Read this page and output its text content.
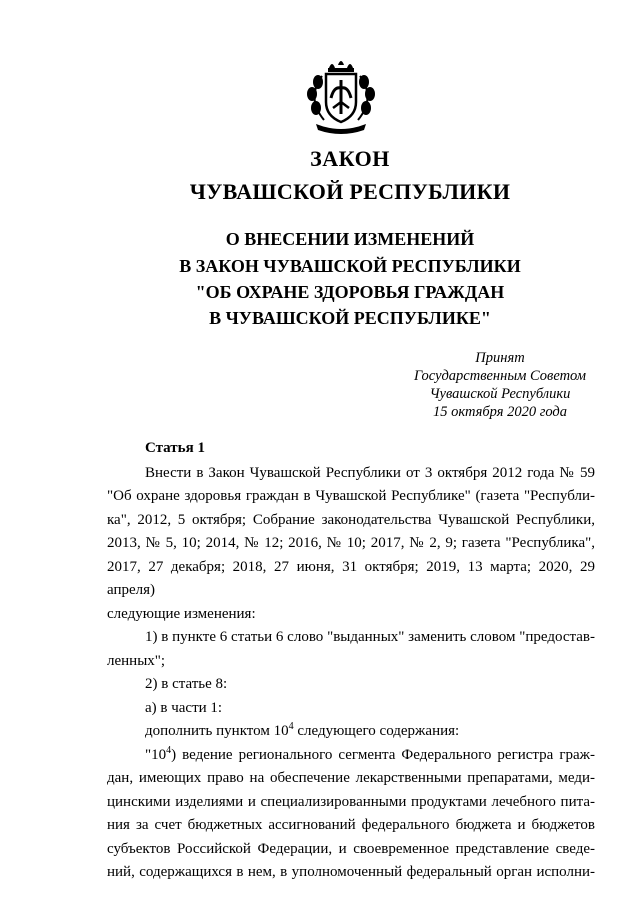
ЗАКОН
ЧУВАШСКОЙ РЕСПУБЛИКИ
О ВНЕСЕНИИ ИЗМЕНЕНИЙ
В ЗАКОН ЧУВАШСКОЙ РЕСПУБЛИКИ
"ОБ ОХРАНЕ ЗДОРОВЬЯ ГРАЖДАН
В ЧУВАШСКОЙ РЕСПУБЛИКЕ"
Принят
Государственным Советом
Чувашской Республики
15 октября 2020 года

Статья 1

Внести в Закон Чувашской Республики от 3 октября 2012 года № 59

"Об охране здоровья граждан в Чувашской Республике" (газета "Республи-

ка", 2012, 5 октября; Собрание законодательства Чувашской Республики,

2013, № 5, 10; 2014, № 12; 2016, № 10; 2017, № 2, 9; газета "Республика",

2017, 27 декабря; 2018, 27 июня, 31 октября; 2019, 13 марта; 2020, 29 апреля)

следующие изменения:

1) в пункте 6 статьи 6 слово "выданных" заменить словом "предостав-

ленных";

2) в статье 8:

а) в части 1:

дополнить пунктом $10^4$ следующего содержания:

"$10^4$) ведение регионального сегмента Федерального регистра граж-

дан, имеющих право на обеспечение лекарственными препаратами, меди-

цинскими изделиями и специализированными продуктами лечебного пита-

ния за счет бюджетных ассигнований федерального бюджета и бюджетов

субъектов Российской Федерации, и своевременное представление сведе-

ний, содержащихся в нем, в уполномоченный федеральный орган исполни-
